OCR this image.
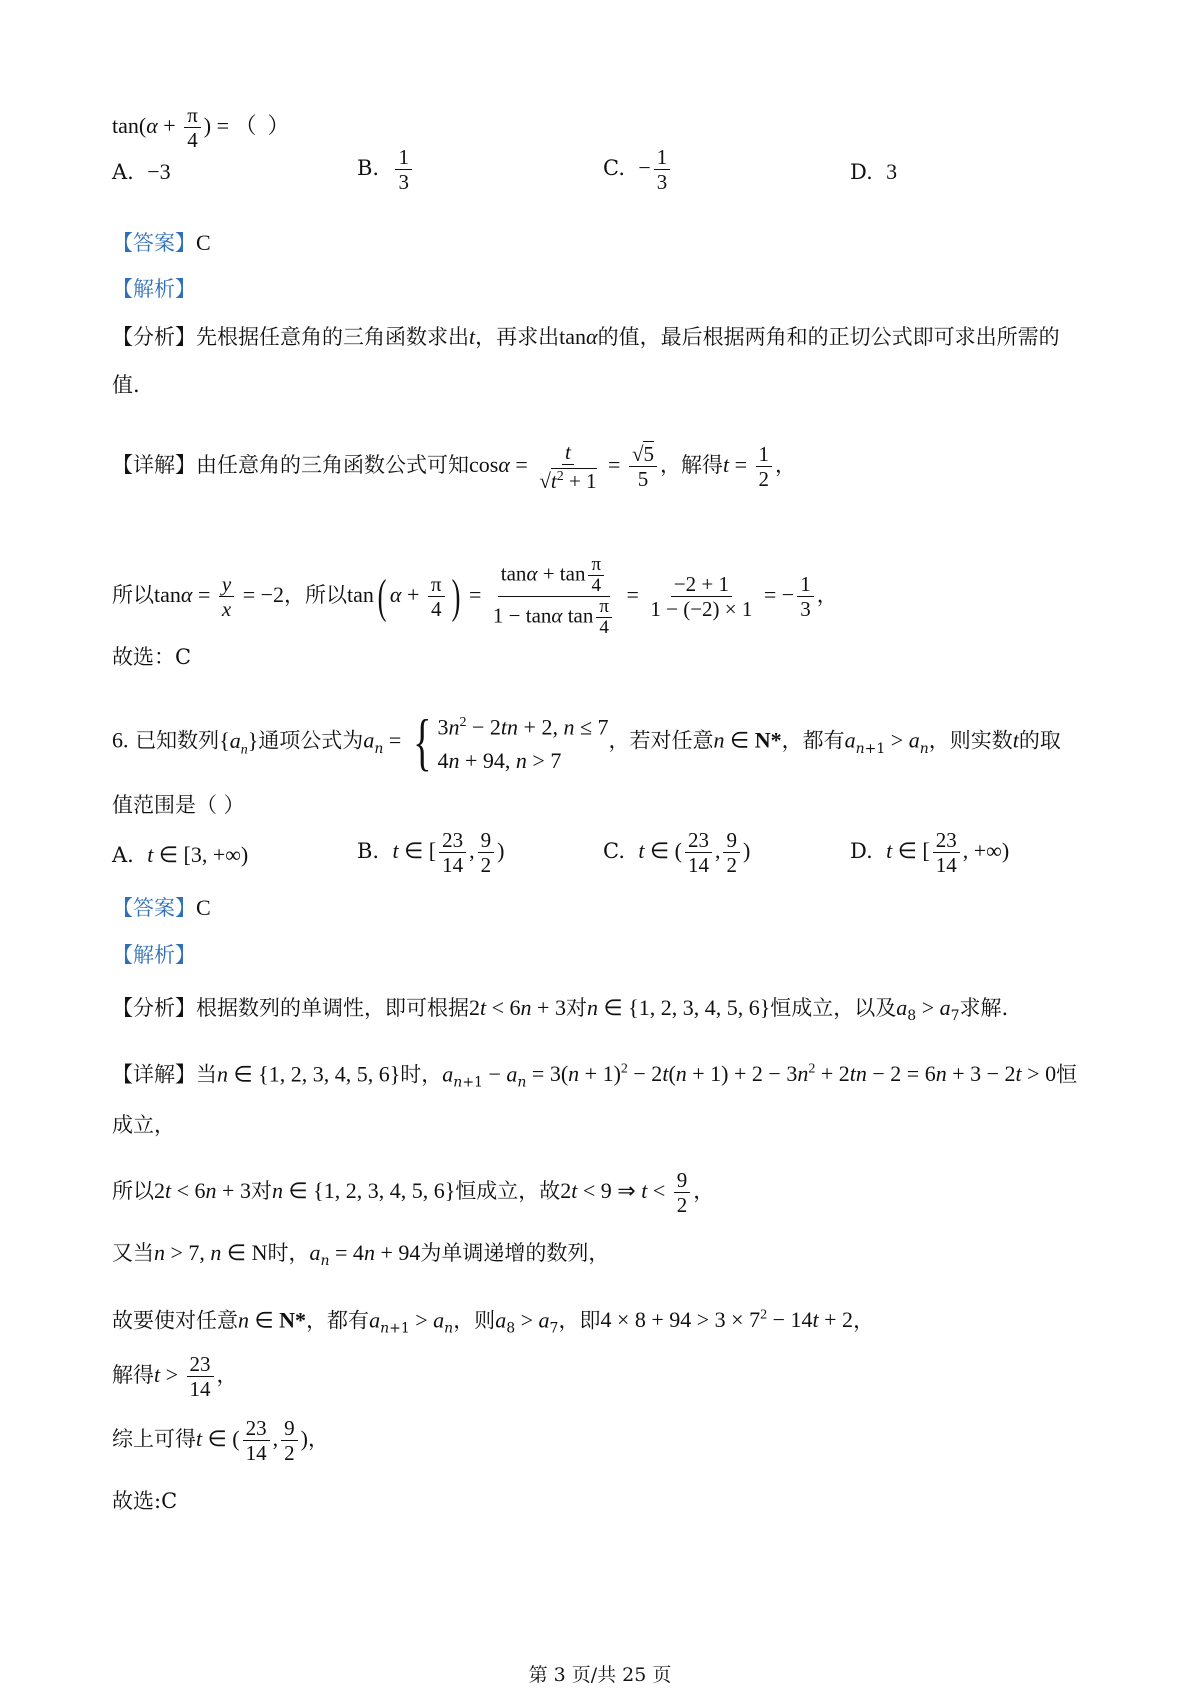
$\tan(\alpha + \frac{\pi}{4}$ ) = （  ）
A. −3	B. $\frac{1}{3}$	C. − $\frac{1}{3}$	D. 3
【答案】C
【解析】
【分析】先根据任意角的三角函数求出t，再求出tanα的值，最后根据两角和的正切公式即可求出所需的
值.
【详解】由任意角的三角函数公式可知$\cos\alpha = \frac{t}{√t^2 + 1} = \frac{√5}{5}$ ，解得$t = \frac{1}{2}$ ，
所以$\tan\alpha = \frac{y}{x} = -2$，所以tan( $\alpha + \frac{\pi}{4}$ ) = $\frac{\tan\alpha + \tan \frac{\pi}{4}}{1 - \tan\alpha \tan \frac{\pi}{4}} = \frac{-2 + 1}{1 - (-2) \times 1}$ = − $\frac{1}{3}$ ，
故选：C
6. 已知数列$\{a_n\}$通项公式为$a_n$ = { $3n^2 - 2tn + 2$, n ≤ 7
4n + 94, n > 7
，若对任意n ∈ N*，都有$a_{n+1} > a_n$，则实数t的取
值范围是（ ）
A. t ∈ [3, +∞)	B. t ∈ [ $\frac{23}{14}$ , $\frac{9}{2}$ )	C. t ∈ ( $\frac{23}{14}$ , $\frac{9}{2}$ )	D. t ∈ [ $\frac{23}{14}$ , +∞)
【答案】C
【解析】
【分析】根据数列的单调性，即可根据2t < 6n + 3对n ∈ {1, 2, 3, 4, 5, 6}恒成立，以及$a_8 > a_7$求解.
【详解】当n ∈ {1, 2, 3, 4, 5, 6}时，$a_{n+1} - a_n = 3(n + 1)^2 - 2t(n + 1) + 2 - 3n^2 + 2tn - 2 = 6n + 3 - 2t > 0$恒
成立，
所以2t < 6n + 3对n ∈ {1, 2, 3, 4, 5, 6}恒成立，故2t < 9 ⇒ $t < \frac{9}{2}$ ，
又当n > 7, n ∈ N时，$a_n = 4n + 94$为单调递增的数列，
故要使对任意n ∈ N*，都有$a_{n+1} > a_n$，则$a_8 > a_7$，即$4 \times 8 + 94 > 3 \times 7^2 - 14t + 2$，
解得$t > \frac{23}{14}$ ，
综上可得t ∈ ( $\frac{23}{14}$ , $\frac{9}{2}$ )，
故选:C
第 3 页/共 25 页
